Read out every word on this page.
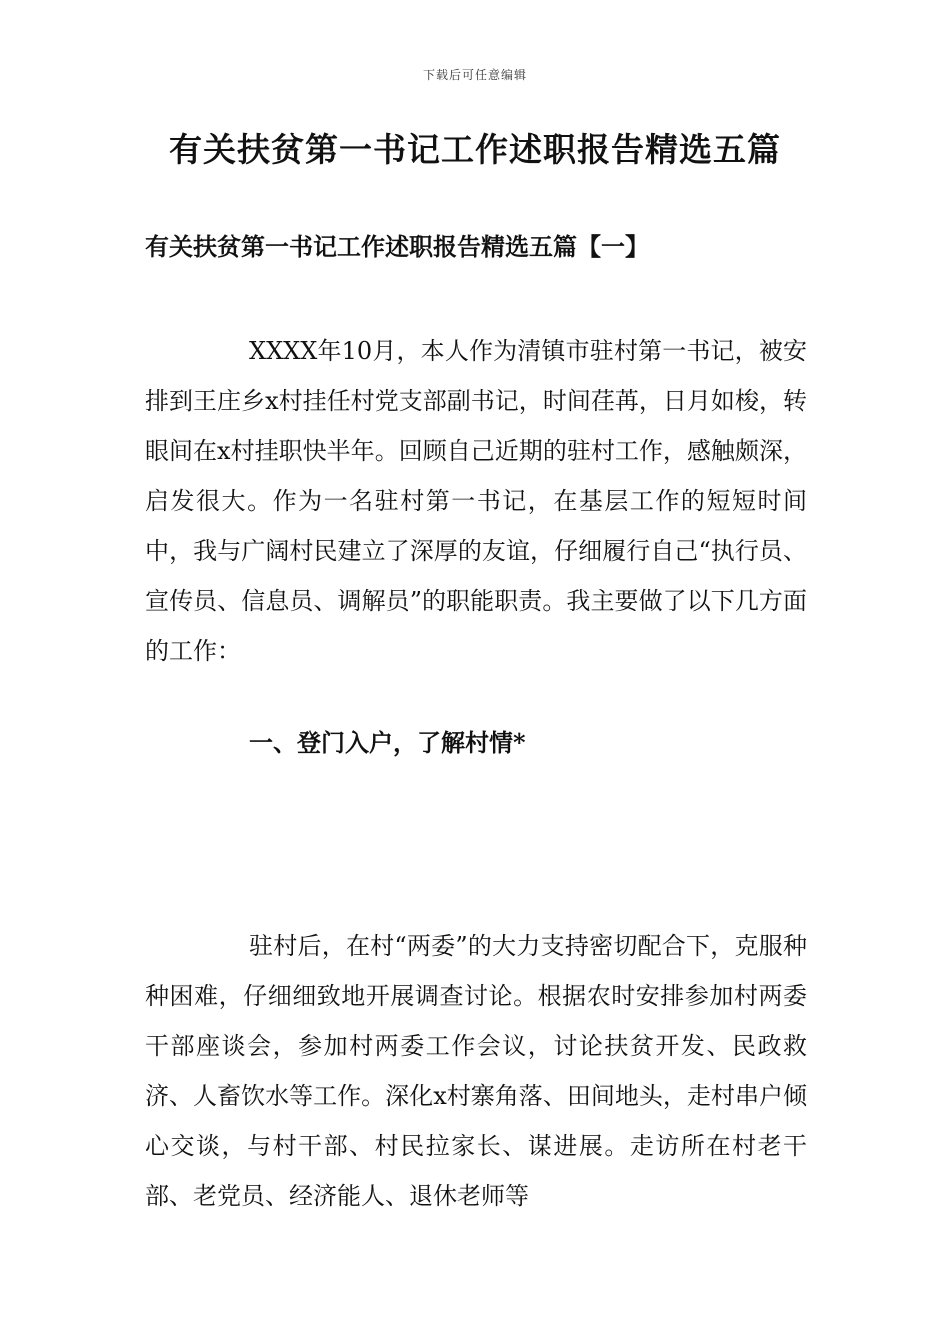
下载后可任意编辑
有关扶贫第一书记工作述职报告精选五篇
有关扶贫第一书记工作述职报告精选五篇【一】

XXXX年10月，本人作为清镇市驻村第一书记，被安排到王庄乡x村挂任村党支部副书记，时间荏苒，日月如梭，转眼间在x村挂职快半年。回顾自己近期的驻村工作，感触颇深，启发很大。作为一名驻村第一书记，在基层工作的短短时间中，我与广阔村民建立了深厚的友谊，仔细履行自己“执行员、宣传员、信息员、调解员”的职能职责。我主要做了以下几方面的工作：

一、登门入户，了解村情*

驻村后，在村“两委”的大力支持密切配合下，克服种种困难，仔细细致地开展调查讨论。根据农时安排参加村两委干部座谈会，参加村两委工作会议，讨论扶贫开发、民政救济、人畜饮水等工作。深化x村寨角落、田间地头，走村串户倾心交谈，与村干部、村民拉家长、谋进展。走访所在村老干部、老党员、经济能人、退休老师等
